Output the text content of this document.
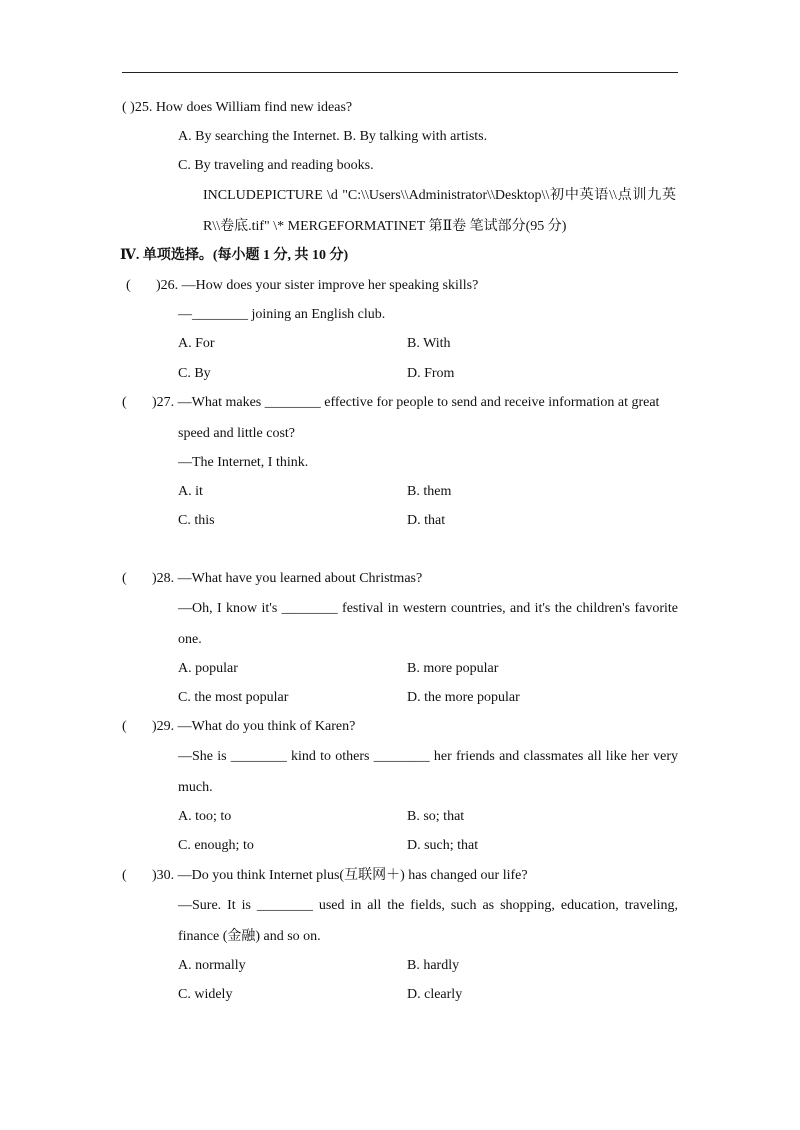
( )25. How does William find new ideas?
A. By searching the Internet. B. By talking with artists.
C. By traveling and reading books.
INCLUDEPICTURE \d "C:\\Users\\Administrator\\Desktop\\初中英语\\点训九英
R\\卷底.tif" \* MERGEFORMATINET 第Ⅱ卷 笔试部分(95 分)
Ⅳ. 单项选择。(每小题 1 分, 共 10 分)
( )26. —How does your sister improve her speaking skills?
—________ joining an English club.
A. For	B. With
C. By	D. From
( )27. —What makes ________ effective for people to send and receive information at great
speed and little cost?
—The Internet, I think.
A. it	B. them
C. this	D. that
( )28. —What have you learned about Christmas?
—Oh, I know it's ________ festival in western countries, and it's the children's favorite
one.
A. popular	B. more popular
C. the most popular	D. the more popular
( )29. —What do you think of Karen?
—She is ________ kind to others ________ her friends and classmates all like her very
much.
A. too; to	B. so; that
C. enough; to	D. such; that
( )30. —Do you think Internet plus(互联网＋) has changed our life?
—Sure. It is ________ used in all the fields, such as shopping, education, traveling,
finance (金融) and so on.
A. normally	B. hardly
C. widely	D. clearly
